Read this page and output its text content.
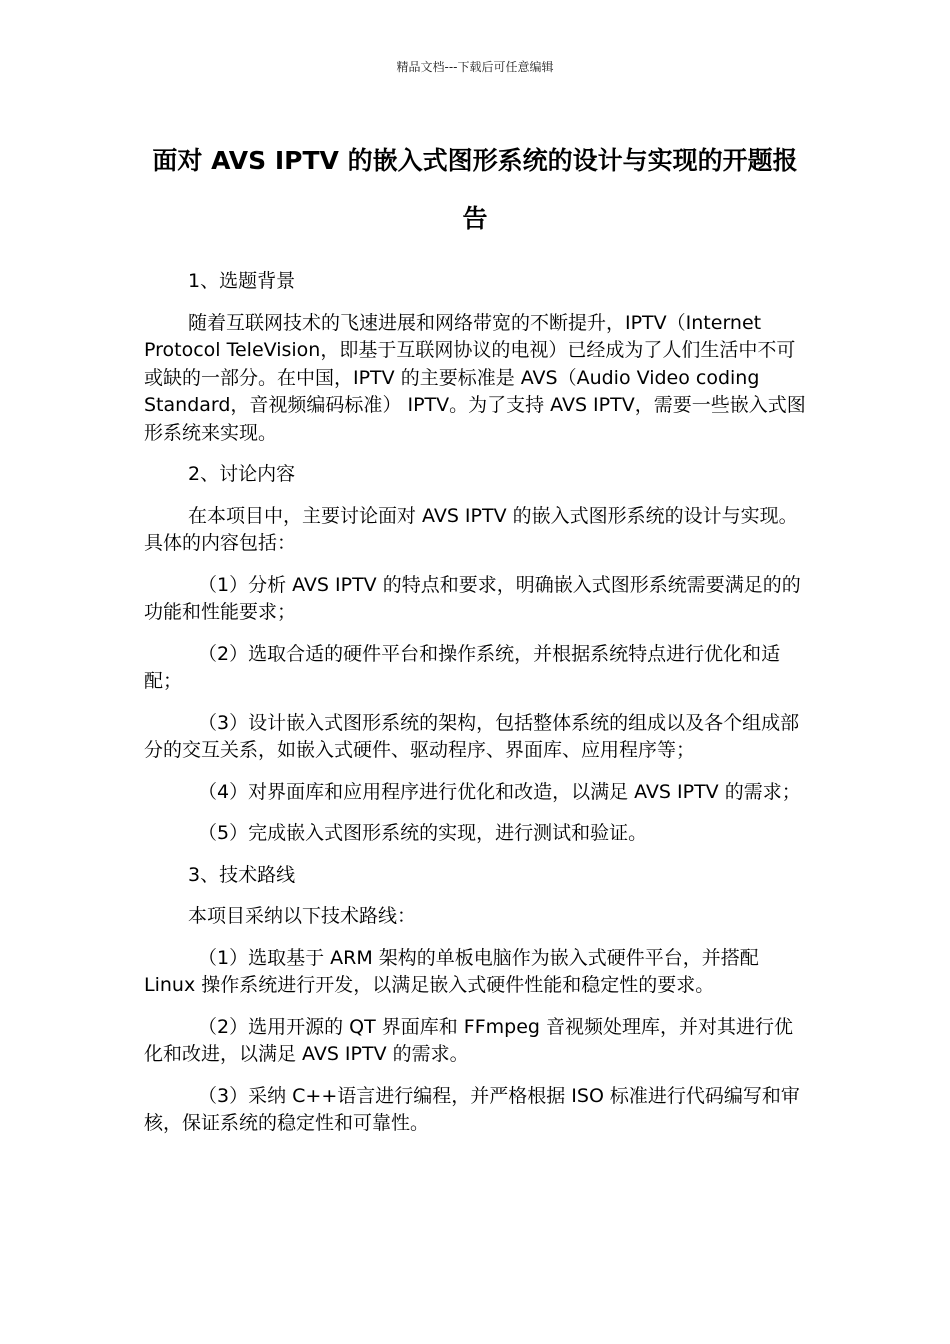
精品文档---下载后可任意编辑
面对 AVS IPTV 的嵌入式图形系统的设计与实现的开题报告

1、选题背景

随着互联网技术的飞速进展和网络带宽的不断提升，IPTV（Internet Protocol TeleVision，即基于互联网协议的电视）已经成为了人们生活中不可或缺的一部分。在中国，IPTV 的主要标准是 AVS（Audio Video coding Standard，音视频编码标准） IPTV。为了支持 AVS IPTV，需要一些嵌入式图形系统来实现。

2、讨论内容

在本项目中，主要讨论面对 AVS IPTV 的嵌入式图形系统的设计与实现。具体的内容包括：

（1）分析 AVS IPTV 的特点和要求，明确嵌入式图形系统需要满足的的功能和性能要求；

（2）选取合适的硬件平台和操作系统，并根据系统特点进行优化和适配；

（3）设计嵌入式图形系统的架构，包括整体系统的组成以及各个组成部分的交互关系，如嵌入式硬件、驱动程序、界面库、应用程序等；

（4）对界面库和应用程序进行优化和改造，以满足 AVS IPTV 的需求；

（5）完成嵌入式图形系统的实现，进行测试和验证。

3、技术路线

本项目采纳以下技术路线：

（1）选取基于 ARM 架构的单板电脑作为嵌入式硬件平台，并搭配 Linux 操作系统进行开发，以满足嵌入式硬件性能和稳定性的要求。

（2）选用开源的 QT 界面库和 FFmpeg 音视频处理库，并对其进行优化和改进，以满足 AVS IPTV 的需求。

（3）采纳 C++语言进行编程，并严格根据 ISO 标准进行代码编写和审核，保证系统的稳定性和可靠性。
